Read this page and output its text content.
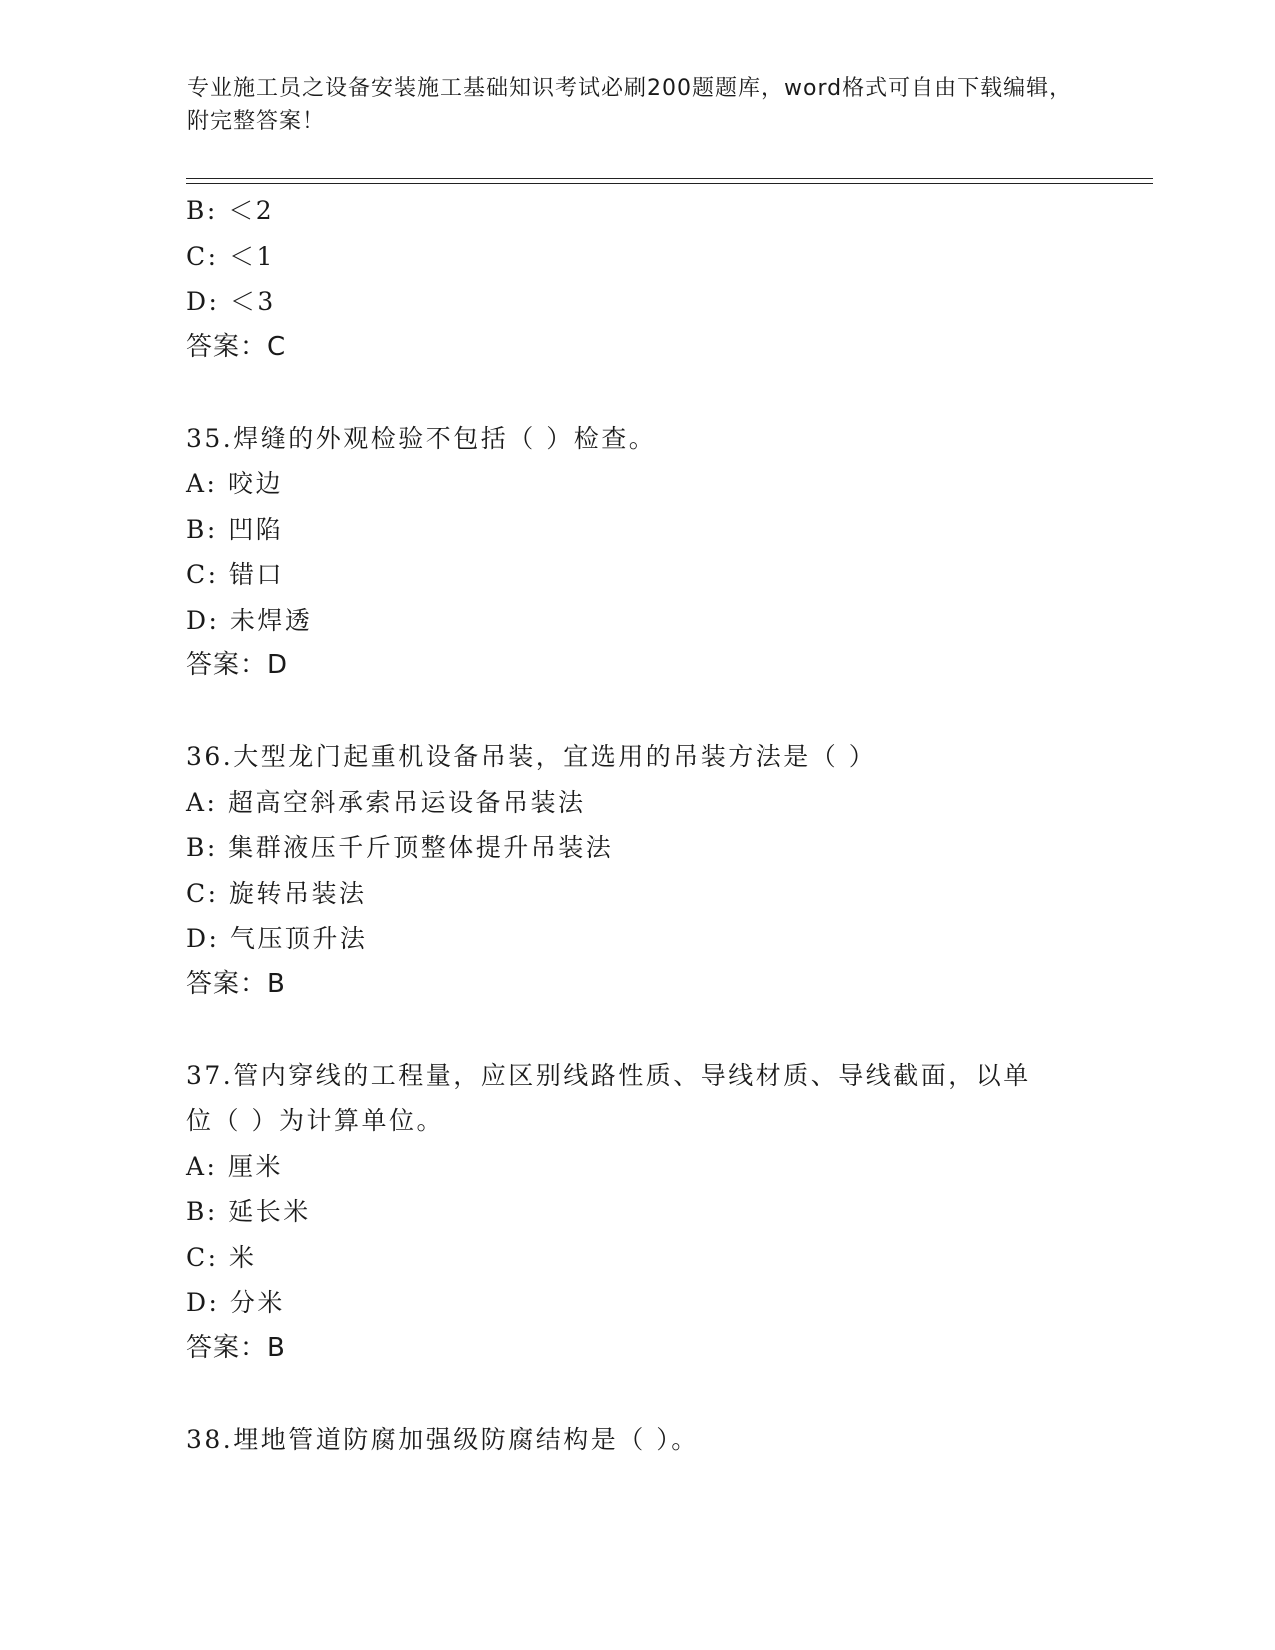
专业施工员之设备安装施工基础知识考试必刷200题题库，word格式可自由下载编辑，附完整答案！
B: ＜2
C: ＜1
D: ＜3
答案：C
35.焊缝的外观检验不包括（ ）检查。
A: 咬边
B: 凹陷
C: 错口
D: 未焊透
答案：D
36.大型龙门起重机设备吊装，宜选用的吊装方法是（ ）
A: 超高空斜承索吊运设备吊装法
B: 集群液压千斤顶整体提升吊装法
C: 旋转吊装法
D: 气压顶升法
答案：B
37.管内穿线的工程量，应区别线路性质、导线材质、导线截面，以单
位（ ）为计算单位。
A: 厘米
B: 延长米
C: 米
D: 分米
答案：B
38.埋地管道防腐加强级防腐结构是（ ）。
